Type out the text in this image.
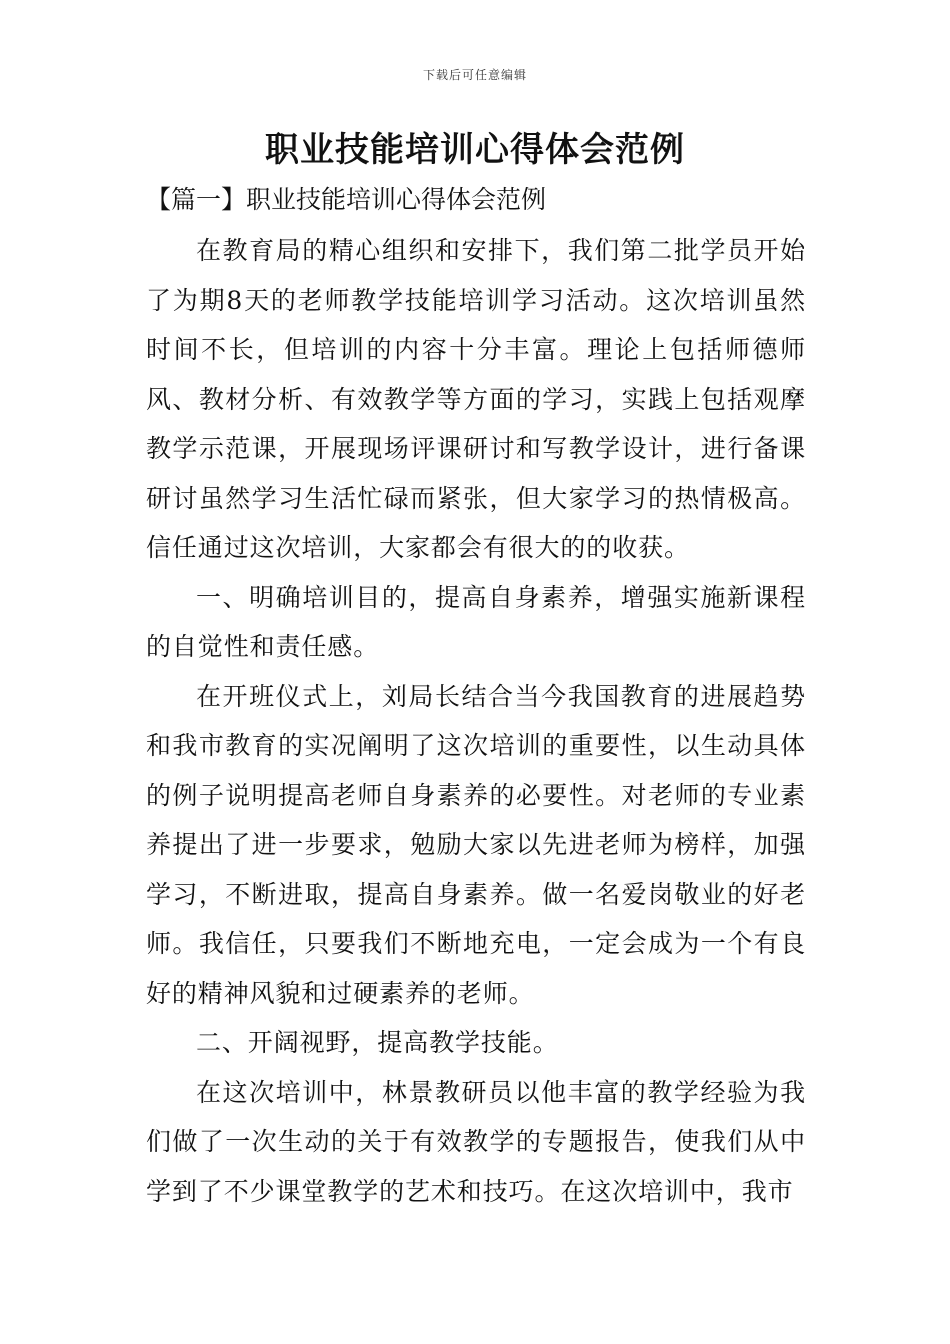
下载后可任意编辑
职业技能培训心得体会范例
【篇一】职业技能培训心得体会范例

在教育局的精心组织和安排下，我们第二批学员开始了为期8天的老师教学技能培训学习活动。这次培训虽然时间不长，但培训的内容十分丰富。理论上包括师德师风、教材分析、有效教学等方面的学习，实践上包括观摩教学示范课，开展现场评课研讨和写教学设计，进行备课研讨虽然学习生活忙碌而紧张，但大家学习的热情极高。信任通过这次培训，大家都会有很大的的收获。

一、明确培训目的，提高自身素养，增强实施新课程的自觉性和责任感。

在开班仪式上，刘局长结合当今我国教育的进展趋势和我市教育的实况阐明了这次培训的重要性，以生动具体的例子说明提高老师自身素养的必要性。对老师的专业素养提出了进一步要求，勉励大家以先进老师为榜样，加强学习，不断进取，提高自身素养。做一名爱岗敬业的好老师。我信任，只要我们不断地充电，一定会成为一个有良好的精神风貌和过硬素养的老师。

二、开阔视野，提高教学技能。

在这次培训中，林景教研员以他丰富的教学经验为我们做了一次生动的关于有效教学的专题报告，使我们从中学到了不少课堂教学的艺术和技巧。在这次培训中，我市
